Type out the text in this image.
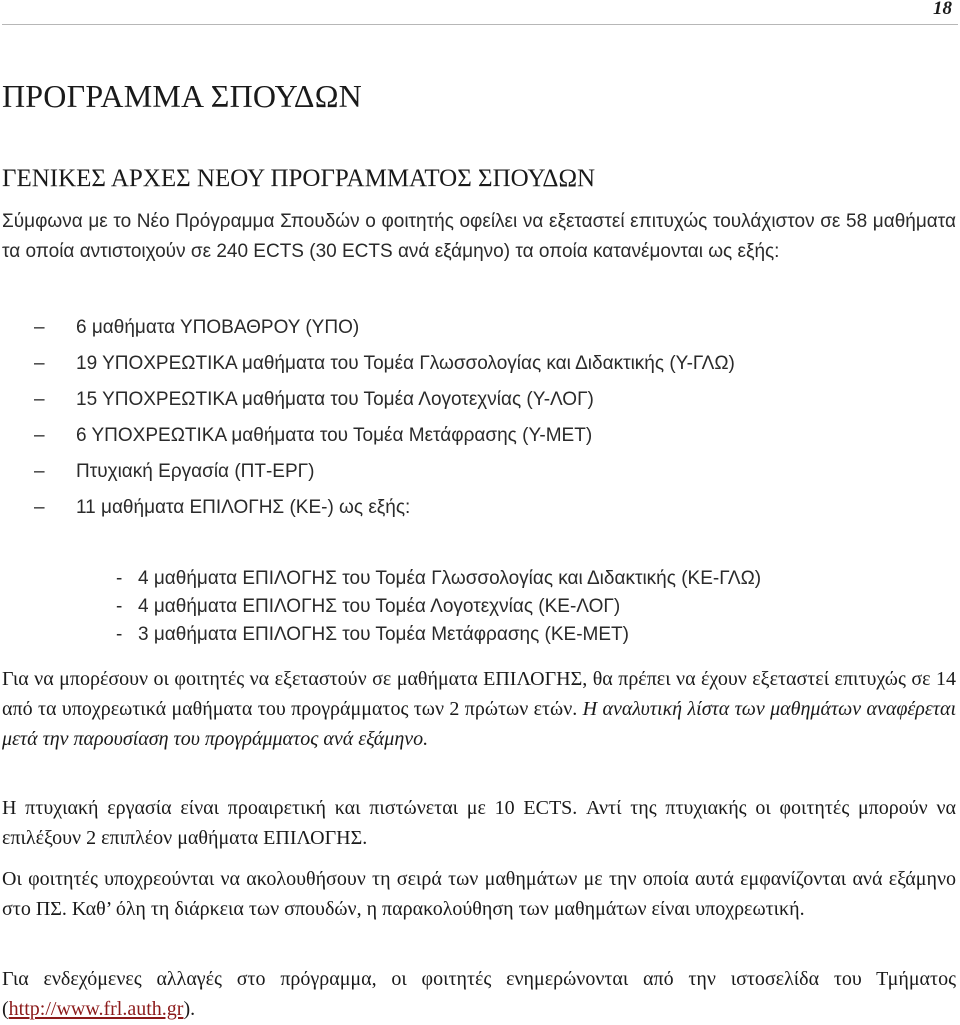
18

ΠΡΟΓΡΑΜΜΑ ΣΠΟΥΔΩΝ
ΓΕΝΙΚΕΣ ΑΡΧΕΣ ΝΕΟΥ ΠΡΟΓΡΑΜΜΑΤΟΣ ΣΠΟΥΔΩΝ

Σύμφωνα με το Νέο Πρόγραμμα Σπουδών ο φοιτητής οφείλει να εξεταστεί επιτυχώς τουλάχιστον σε 58 μαθήματα τα οποία αντιστοιχούν σε 240 ECTS (30 ECTS ανά εξάμηνο) τα οποία κατανέμονται ως εξής:

– 6 μαθήματα ΥΠΟΒΑΘΡΟΥ (ΥΠΟ)
– 19 ΥΠΟΧΡΕΩΤΙΚΑ μαθήματα του Τομέα Γλωσσολογίας και Διδακτικής (Υ-ΓΛΩ)
– 15 ΥΠΟΧΡΕΩΤΙΚΑ μαθήματα του Τομέα Λογοτεχνίας (Υ-ΛΟΓ)
– 6 ΥΠΟΧΡΕΩΤΙΚΑ μαθήματα του Τομέα Μετάφρασης (Υ-ΜΕΤ)
– Πτυχιακή Εργασία (ΠΤ-ΕΡΓ)
– 11 μαθήματα ΕΠΙΛΟΓΗΣ (ΚΕ-) ως εξής:
- 4 μαθήματα ΕΠΙΛΟΓΗΣ του Τομέα Γλωσσολογίας και Διδακτικής (ΚΕ-ΓΛΩ)
- 4 μαθήματα ΕΠΙΛΟΓΗΣ του Τομέα Λογοτεχνίας (ΚΕ-ΛΟΓ)
- 3 μαθήματα ΕΠΙΛΟΓΗΣ του Τομέα Μετάφρασης (ΚΕ-ΜΕΤ)

Για να μπορέσουν οι φοιτητές να εξεταστούν σε μαθήματα ΕΠΙΛΟΓΗΣ, θα πρέπει να έχουν εξεταστεί επιτυχώς σε 14 από τα υποχρεωτικά μαθήματα του προγράμματος των 2 πρώτων ετών. Η αναλυτική λίστα των μαθημάτων αναφέρεται μετά την παρουσίαση του προγράμματος ανά εξάμηνο.

Η πτυχιακή εργασία είναι προαιρετική και πιστώνεται με 10 ECTS. Αντί της πτυχιακής οι φοιτητές μπορούν να επιλέξουν 2 επιπλέον μαθήματα ΕΠΙΛΟΓΗΣ.

Οι φοιτητές υποχρεούνται να ακολουθήσουν τη σειρά των μαθημάτων με την οποία αυτά εμφανίζονται ανά εξάμηνο στο ΠΣ. Καθ’ όλη τη διάρκεια των σπουδών, η παρακολούθηση των μαθημάτων είναι υποχρεωτική.

Για ενδεχόμενες αλλαγές στο πρόγραμμα, οι φοιτητές ενημερώνονται από την ιστοσελίδα του Τμήματος (http://www.frl.auth.gr).
